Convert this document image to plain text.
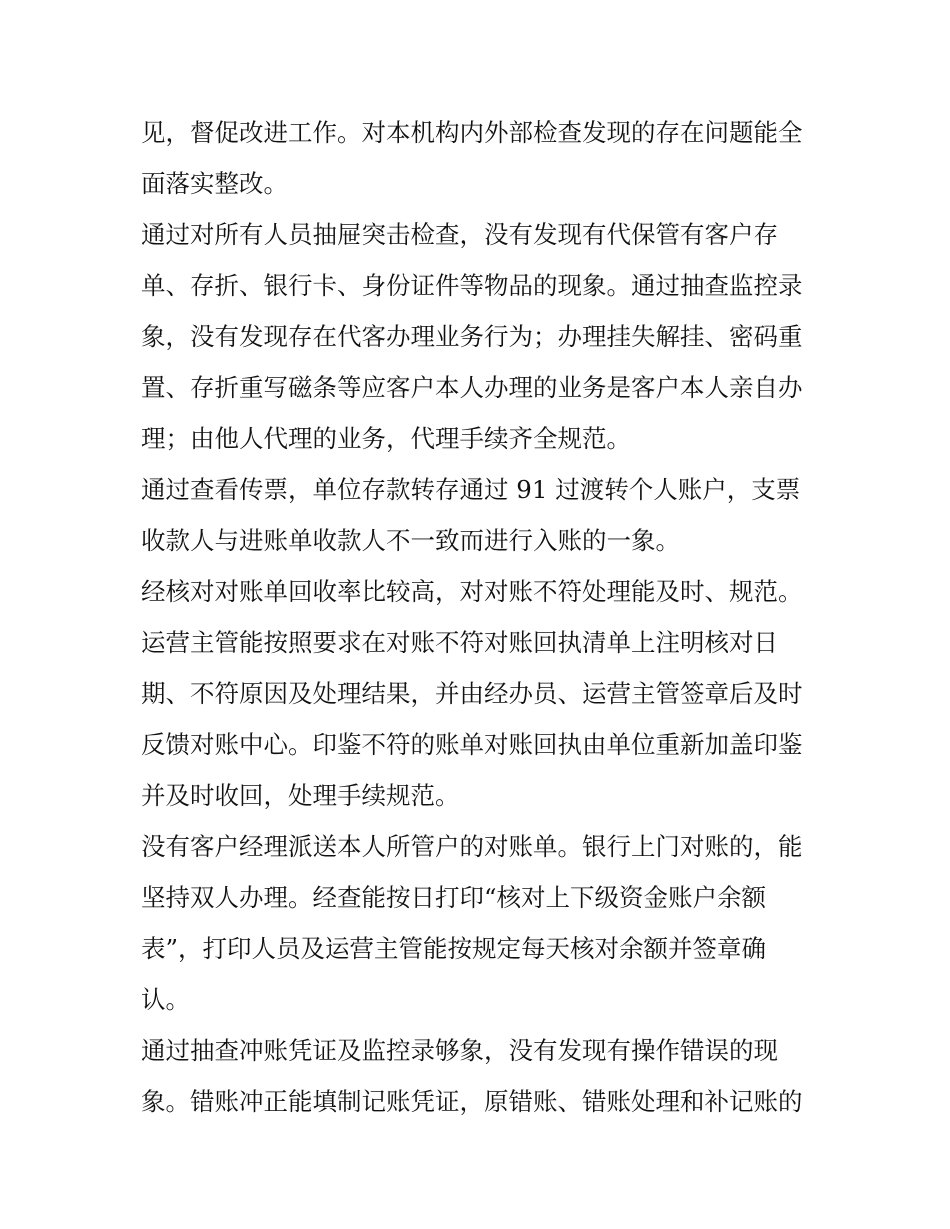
见，督促改进工作。对本机构内外部检查发现的存在问题能全
面落实整改。
通过对所有人员抽屉突击检查，没有发现有代保管有客户存
单、存折、银行卡、身份证件等物品的现象。通过抽查监控录
象，没有发现存在代客办理业务行为；办理挂失解挂、密码重
置、存折重写磁条等应客户本人办理的业务是客户本人亲自办
理；由他人代理的业务，代理手续齐全规范。
通过查看传票，单位存款转存通过 91 过渡转个人账户，支票
收款人与进账单收款人不一致而进行入账的一象。
经核对对账单回收率比较高，对对账不符处理能及时、规范。
运营主管能按照要求在对账不符对账回执清单上注明核对日
期、不符原因及处理结果，并由经办员、运营主管签章后及时
反馈对账中心。印鉴不符的账单对账回执由单位重新加盖印鉴
并及时收回，处理手续规范。
没有客户经理派送本人所管户的对账单。银行上门对账的，能
坚持双人办理。经查能按日打印“核对上下级资金账户余额
表”，打印人员及运营主管能按规定每天核对余额并签章确
认。
通过抽查冲账凭证及监控录够象，没有发现有操作错误的现
象。错账冲正能填制记账凭证，原错账、错账处理和补记账的
